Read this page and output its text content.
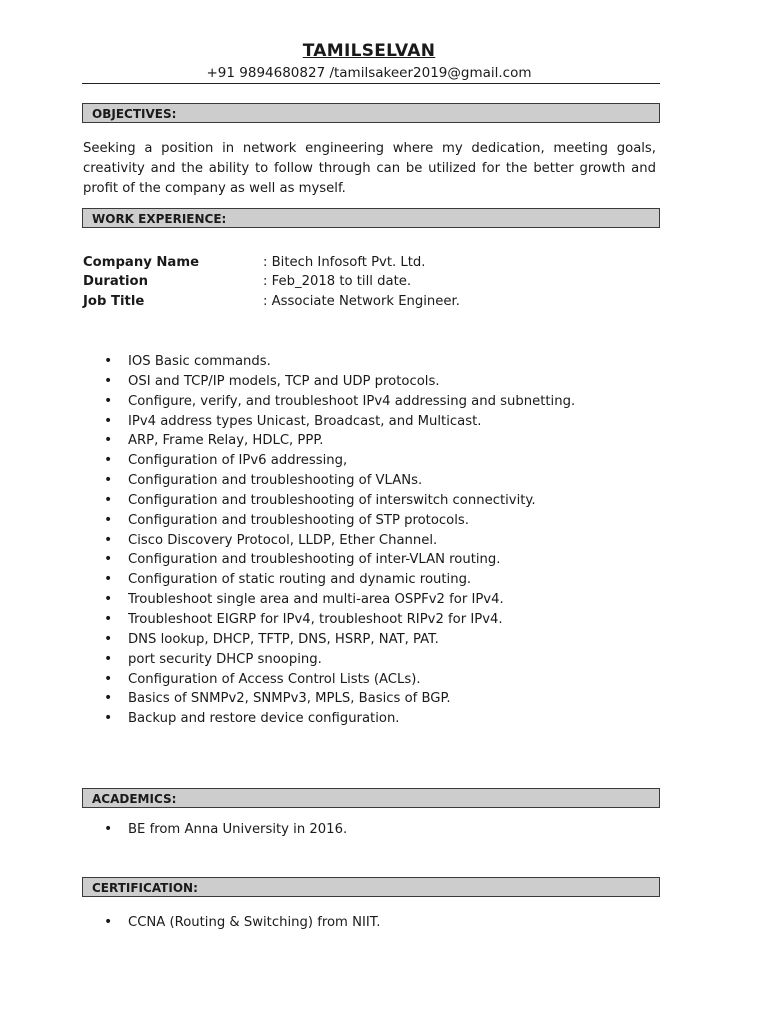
TAMILSELVAN
+91 9894680827 /tamilsakeer2019@gmail.com
OBJECTIVES:
Seeking a position in network engineering where my dedication, meeting goals, creativity and the ability to follow through can be utilized for the better growth and profit of the company as well as myself.
WORK EXPERIENCE:
Company Name	: Bitech Infosoft Pvt. Ltd.
Duration	: Feb_2018 to till date.
Job Title	: Associate Network Engineer.
• IOS Basic commands.
• OSI and TCP/IP models, TCP and UDP protocols.
• Configure, verify, and troubleshoot IPv4 addressing and subnetting.
• IPv4 address types Unicast, Broadcast, and Multicast.
• ARP, Frame Relay, HDLC, PPP.
• Configuration of IPv6 addressing,
• Configuration and troubleshooting of VLANs.
• Configuration and troubleshooting of interswitch connectivity.
• Configuration and troubleshooting of STP protocols.
• Cisco Discovery Protocol, LLDP, Ether Channel.
• Configuration and troubleshooting of inter-VLAN routing.
• Configuration of static routing and dynamic routing.
• Troubleshoot single area and multi-area OSPFv2 for IPv4.
• Troubleshoot EIGRP for IPv4, troubleshoot RIPv2 for IPv4.
• DNS lookup, DHCP, TFTP, DNS, HSRP, NAT, PAT.
• port security DHCP snooping.
• Configuration of Access Control Lists (ACLs).
• Basics of SNMPv2, SNMPv3, MPLS, Basics of BGP.
• Backup and restore device configuration.
ACADEMICS:
• BE from Anna University in 2016.
CERTIFICATION:
• CCNA (Routing & Switching) from NIIT.
